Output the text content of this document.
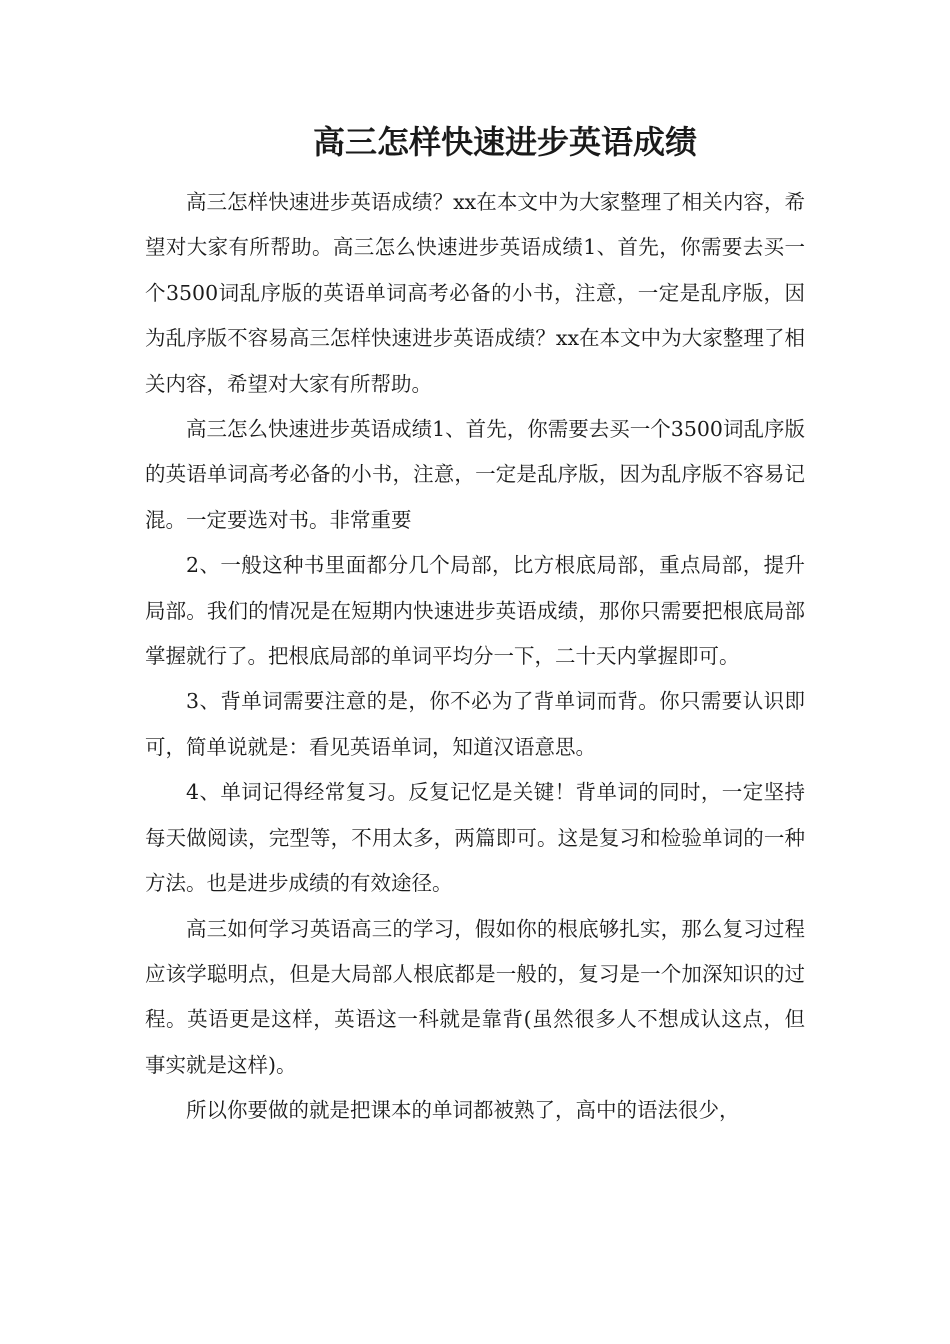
高三怎样快速进步英语成绩

高三怎样快速进步英语成绩？xx在本文中为大家整理了相关内容，希望对大家有所帮助。高三怎么快速进步英语成绩1、首先，你需要去买一个3500词乱序版的英语单词高考必备的小书，注意，一定是乱序版，因为乱序版不容易高三怎样快速进步英语成绩？xx在本文中为大家整理了相关内容，希望对大家有所帮助。

高三怎么快速进步英语成绩1、首先，你需要去买一个3500词乱序版的英语单词高考必备的小书，注意，一定是乱序版，因为乱序版不容易记混。一定要选对书。非常重要

2、一般这种书里面都分几个局部，比方根底局部，重点局部，提升局部。我们的情况是在短期内快速进步英语成绩，那你只需要把根底局部掌握就行了。把根底局部的单词平均分一下，二十天内掌握即可。

3、背单词需要注意的是，你不必为了背单词而背。你只需要认识即可，简单说就是：看见英语单词，知道汉语意思。

4、单词记得经常复习。反复记忆是关键！背单词的同时，一定坚持每天做阅读，完型等，不用太多，两篇即可。这是复习和检验单词的一种方法。也是进步成绩的有效途径。

高三如何学习英语高三的学习，假如你的根底够扎实，那么复习过程应该学聪明点，但是大局部人根底都是一般的，复习是一个加深知识的过程。英语更是这样，英语这一科就是靠背(虽然很多人不想成认这点，但事实就是这样)。

所以你要做的就是把课本的单词都被熟了，高中的语法很少，
